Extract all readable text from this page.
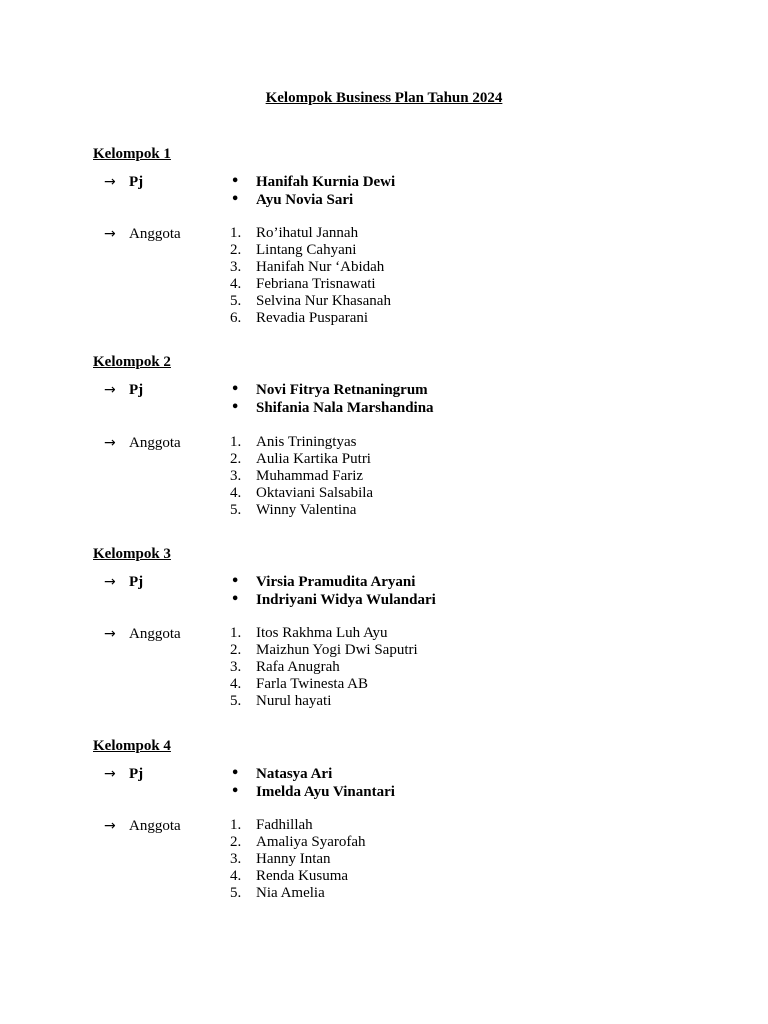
Kelompok Business Plan Tahun 2024
Kelompok 1
→ Pj	•	Hanifah Kurnia Dewi
•	Ayu Novia Sari
→ Anggota	1. Ro’ihatul Jannah
2. Lintang Cahyani
3. Hanifah Nur ‘Abidah
4. Febriana Trisnawati
5. Selvina Nur Khasanah
6. Revadia Pusparani
Kelompok 2
→ Pj	•	Novi Fitrya Retnaningrum
•	Shifania Nala Marshandina
→ Anggota	1. Anis Triningtyas
2. Aulia Kartika Putri
3. Muhammad Fariz
4. Oktaviani Salsabila
5. Winny Valentina
Kelompok 3
→ Pj	•	Virsia Pramudita Aryani
•	Indriyani Widya Wulandari
→ Anggota	1. Itos Rakhma Luh Ayu
2. Maizhun Yogi Dwi Saputri
3. Rafa Anugrah
4. Farla Twinesta AB
5. Nurul hayati
Kelompok 4
→ Pj	•	Natasya Ari
•	Imelda Ayu Vinantari
→ Anggota	1. Fadhillah
2. Amaliya Syarofah
3. Hanny Intan
4. Renda Kusuma
5. Nia Amelia
